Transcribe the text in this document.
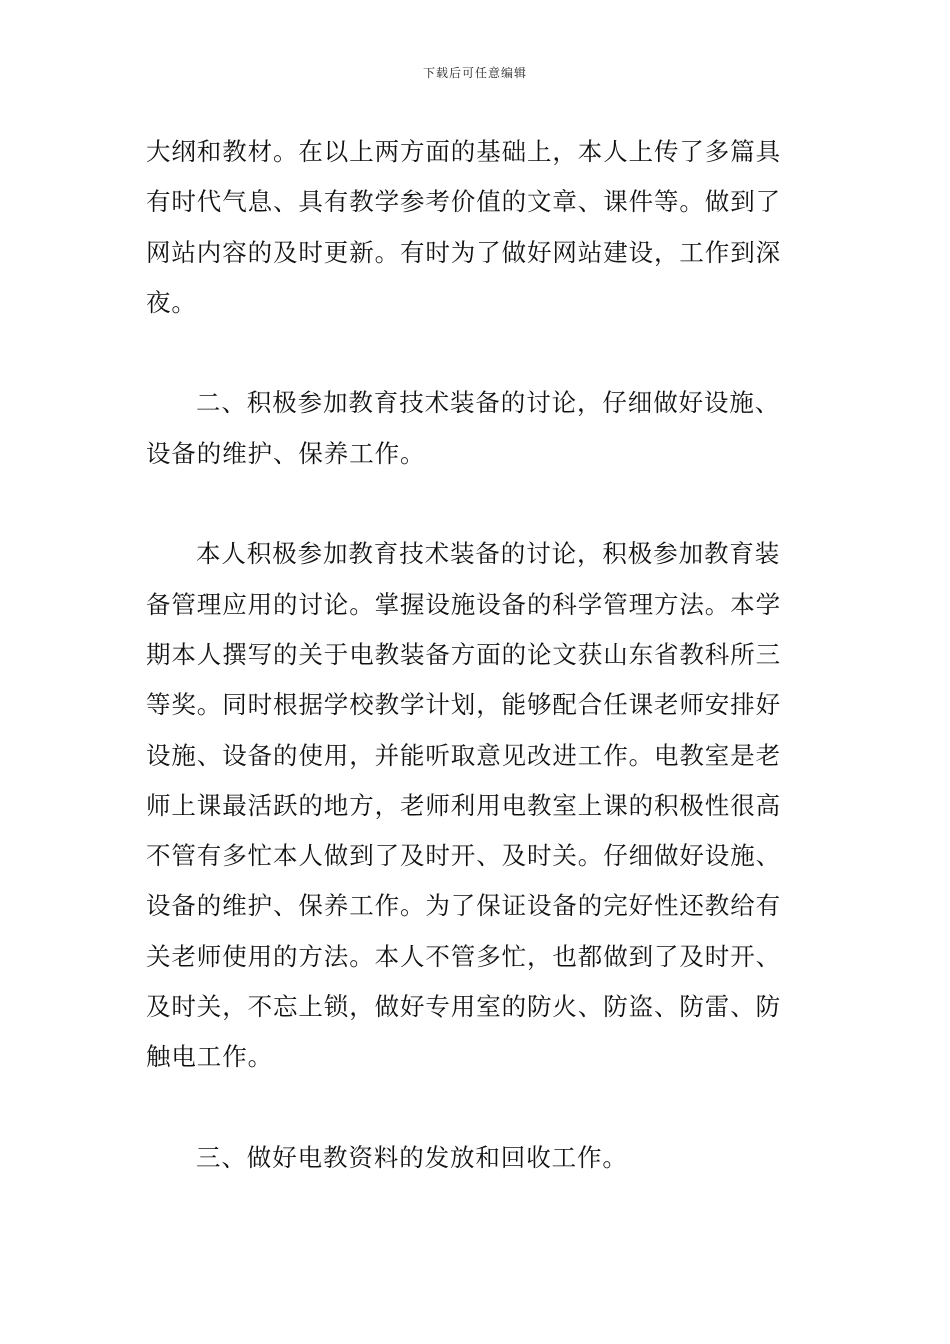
下载后可任意编辑

大纲和教材。在以上两方面的基础上，本人上传了多篇具
有时代气息、具有教学参考价值的文章、课件等。做到了
网站内容的及时更新。有时为了做好网站建设，工作到深
夜。

二、积极参加教育技术装备的讨论，仔细做好设施、
设备的维护、保养工作。

本人积极参加教育技术装备的讨论，积极参加教育装
备管理应用的讨论。掌握设施设备的科学管理方法。本学
期本人撰写的关于电教装备方面的论文获山东省教科所三
等奖。同时根据学校教学计划，能够配合任课老师安排好
设施、设备的使用，并能听取意见改进工作。电教室是老
师上课最活跃的地方，老师利用电教室上课的积极性很高
不管有多忙本人做到了及时开、及时关。仔细做好设施、
设备的维护、保养工作。为了保证设备的完好性还教给有
关老师使用的方法。本人不管多忙，也都做到了及时开、
及时关，不忘上锁，做好专用室的防火、防盗、防雷、防
触电工作。

三、做好电教资料的发放和回收工作。
